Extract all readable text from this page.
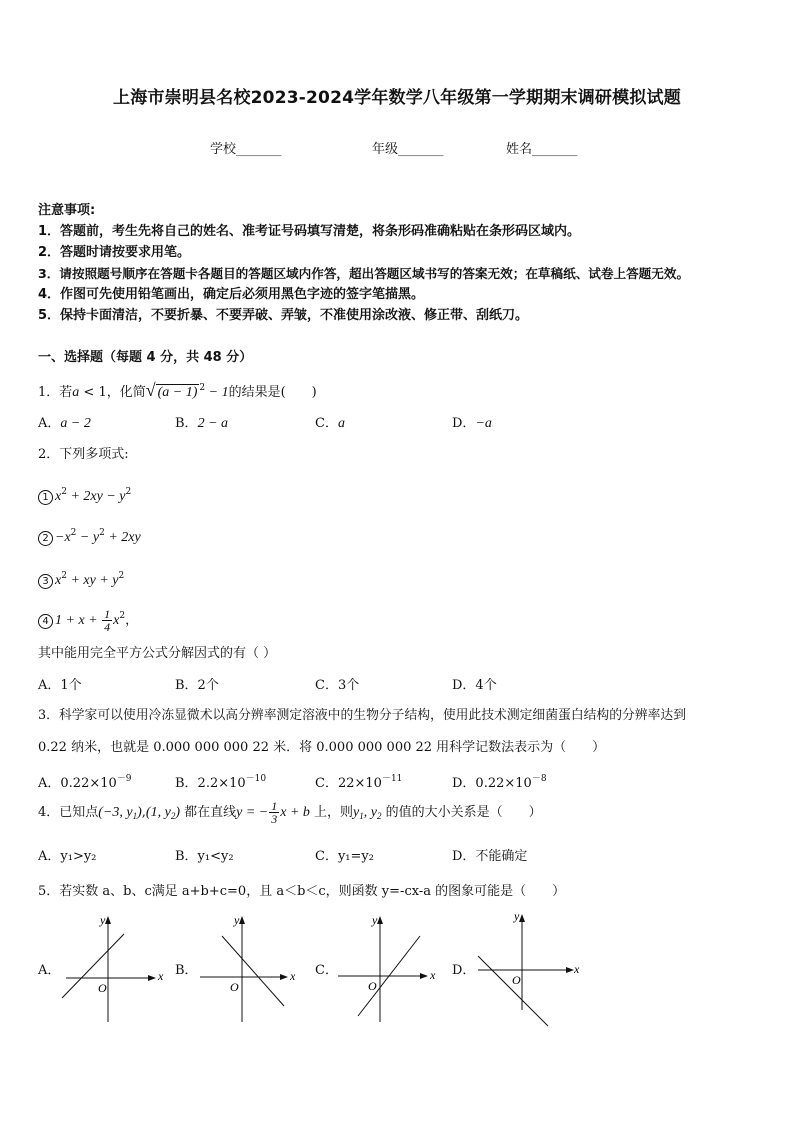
上海市崇明县名校2023-2024学年数学八年级第一学期期末调研模拟试题
学校_______	年级_______	姓名_______
注意事项:
1．答题前，考生先将自己的姓名、准考证号码填写清楚，将条形码准确粘贴在条形码区域内。
2．答题时请按要求用笔。
3．请按照题号顺序在答题卡各题目的答题区域内作答，超出答题区域书写的答案无效；在草稿纸、试卷上答题无效。
4．作图可先使用铅笔画出，确定后必须用黑色字迹的签字笔描黑。
5．保持卡面清洁，不要折暴、不要弄破、弄皱，不准使用涂改液、修正带、刮纸刀。
一、选择题（每题 4 分，共 48 分）
1．若a < 1，化简√ (a − 1) $^2$ − 1的结果是(　　)
A．a − 2	B．2 − a	C．a	D．−a
2．下列多项式:
1 $x^2 + 2xy - y^2$
$2 -x^2 - y^2 + 2xy$
3 $x^2$ + xy + $y^2$
4 $1 + x + \frac{1}{4} x^2$，
其中能用完全平方公式分解因式的有（ ）
A．1个	B．2个	C．3个	D．4个
3．科学家可以使用冷冻显微术以高分辨率测定溶液中的生物分子结构，使用此技术测定细菌蛋白结构的分辨率达到
0.22 纳米，也就是 0.000 000 000 22 米．将 0.000 000 000 22 用科学记数法表示为（　　）
A．$0.22\times 10^{-9}$	B．$2.2\times 10^{-10}$	C．$22\times 10^{-11}$	D．$0.22\times 10^{-8}$
4．已知点(−3, $y_1),(1$, $y_2$) 都在直线y = − $\frac{1}{3}$ x + b 上，则$y_1$, $y_2$ 的值的大小关系是（　　）
A．y₁>y₂	B．y₁<y₂	C．y₁=y₂	D．不能确定
5．若实数 a、b、c满足 a+b+c=0，且 a＜b＜c，则函数 y=-cx-a 的图象可能是（　　）
A．	B．	C．	D．
y
x
O
y
x
O
y
x
O
y
x
O
